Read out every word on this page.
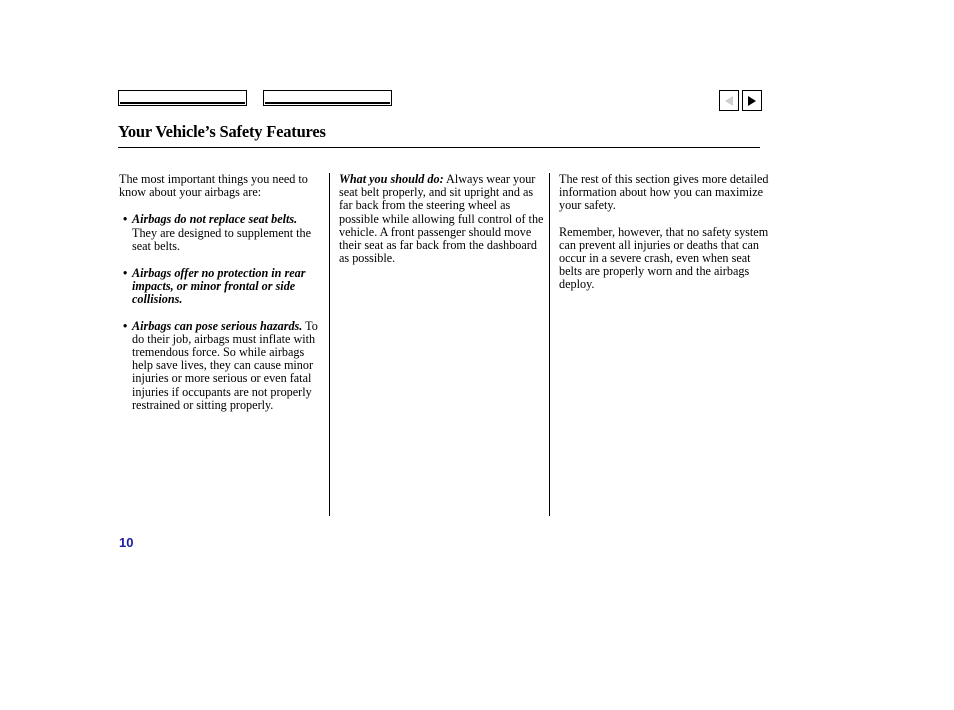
Your Vehicle’s Safety Features

The most important things you need to know about your airbags are:

• Airbags do not replace seat belts. They are designed to supplement the seat belts.
• Airbags offer no protection in rear impacts, or minor frontal or side collisions.
• Airbags can pose serious hazards. To do their job, airbags must inflate with tremendous force. So while airbags help save lives, they can cause minor injuries or more serious or even fatal injuries if occupants are not properly restrained or sitting properly.

What you should do: Always wear your seat belt properly, and sit upright and as far back from the steering wheel as possible while allowing full control of the vehicle. A front passenger should move their seat as far back from the dashboard as possible.

The rest of this section gives more detailed information about how you can maximize your safety.

Remember, however, that no safety system can prevent all injuries or deaths that can occur in a severe crash, even when seat belts are properly worn and the airbags deploy.

10
